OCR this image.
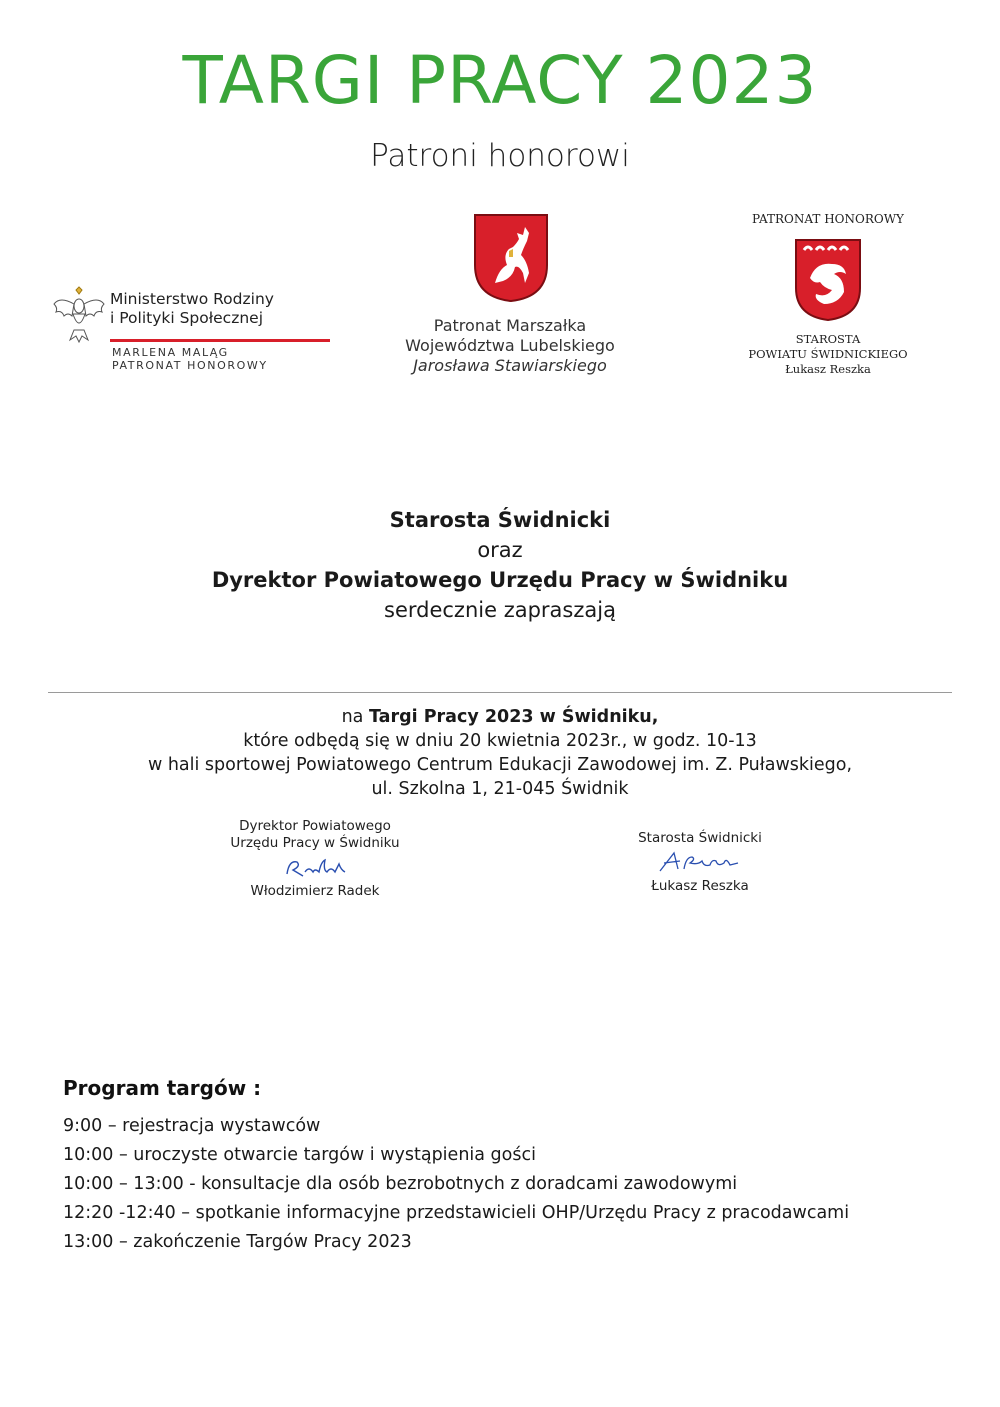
TARGI PRACY 2023
Patroni honorowi
Ministerstwo Rodziny
i Polityki Społecznej
MARLENA MALĄG
PATRONAT HONOROWY
Patronat Marszałka
Województwa Lubelskiego
Jarosława Stawiarskiego
PATRONAT HONOROWY
STAROSTA
POWIATU ŚWIDNICKIEGO
Łukasz Reszka
Starosta Świdnicki
oraz
Dyrektor Powiatowego Urzędu Pracy w Świdniku
serdecznie zapraszają
na Targi Pracy 2023 w Świdniku,
które odbędą się w dniu 20 kwietnia 2023r., w godz. 10-13
w hali sportowej Powiatowego Centrum Edukacji Zawodowej im. Z. Puławskiego,
ul. Szkolna 1, 21-045 Świdnik
Dyrektor Powiatowego
Urzędu Pracy w Świdniku
Włodzimierz Radek
Starosta Świdnicki
Łukasz Reszka
Program targów :
9:00 – rejestracja wystawców
10:00 – uroczyste otwarcie targów i wystąpienia gości
10:00 – 13:00 - konsultacje dla osób bezrobotnych z doradcami zawodowymi
12:20 -12:40 – spotkanie informacyjne przedstawicieli OHP/Urzędu Pracy z pracodawcami
13:00 – zakończenie Targów Pracy 2023
